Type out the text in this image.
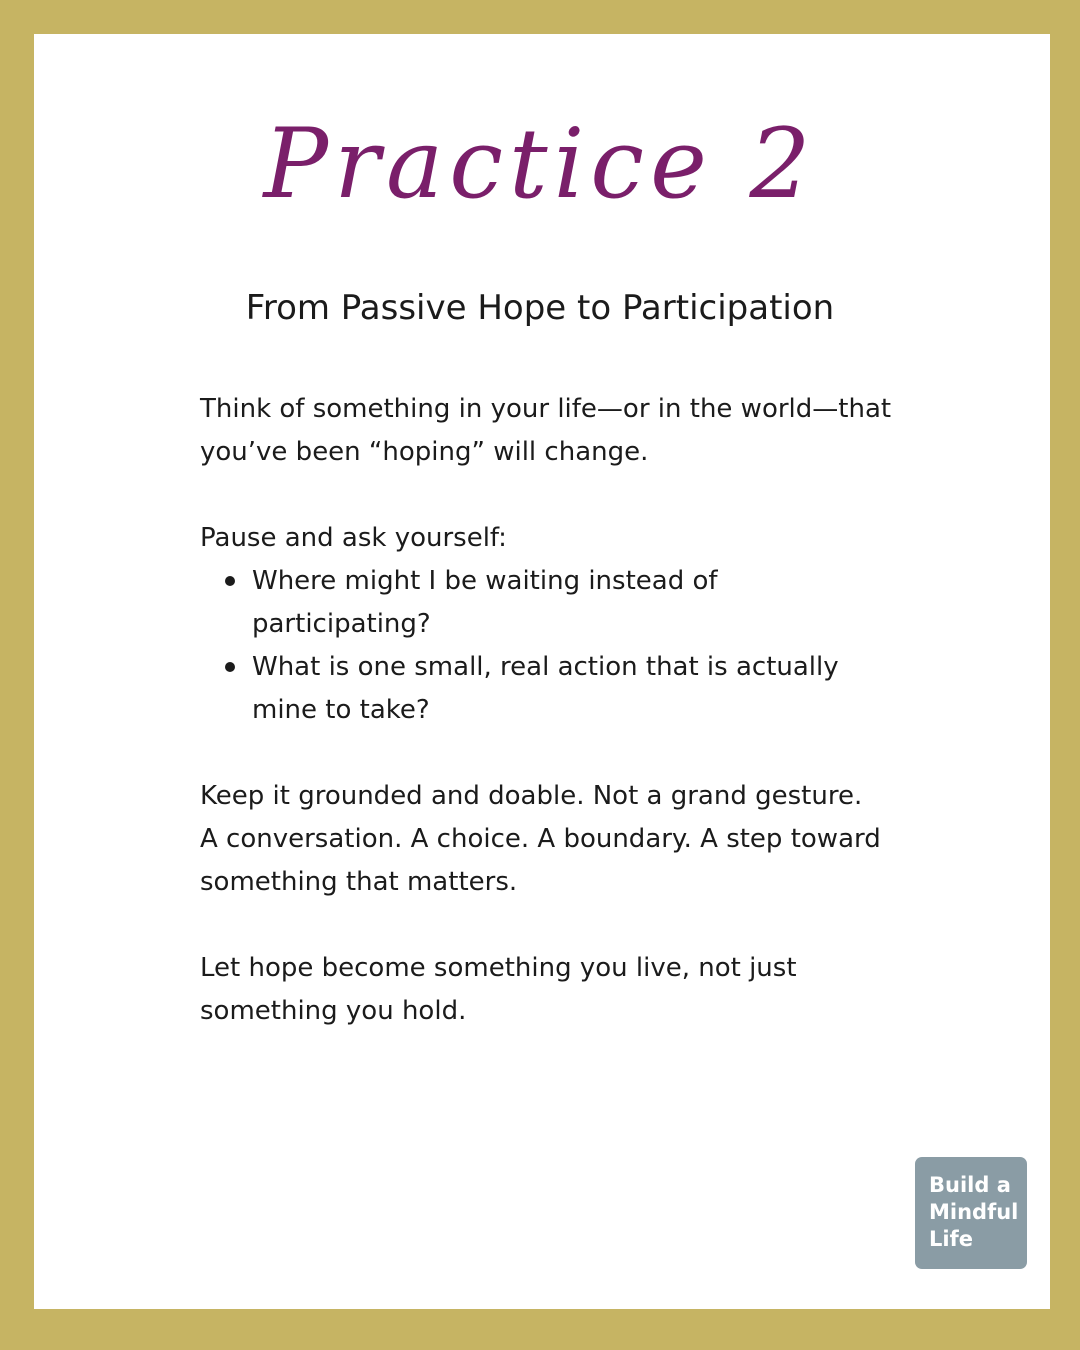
Practice 2
From Passive Hope to Participation
Think of something in your life—or in the world—that
you’ve been “hoping” will change.
Pause and ask yourself:
Where might I be waiting instead of
participating?
What is one small, real action that is actually
mine to take?
Keep it grounded and doable. Not a grand gesture.
A conversation. A choice. A boundary. A step toward
something that matters.
Let hope become something you live, not just
something you hold.
Build a
Mindful
Life
